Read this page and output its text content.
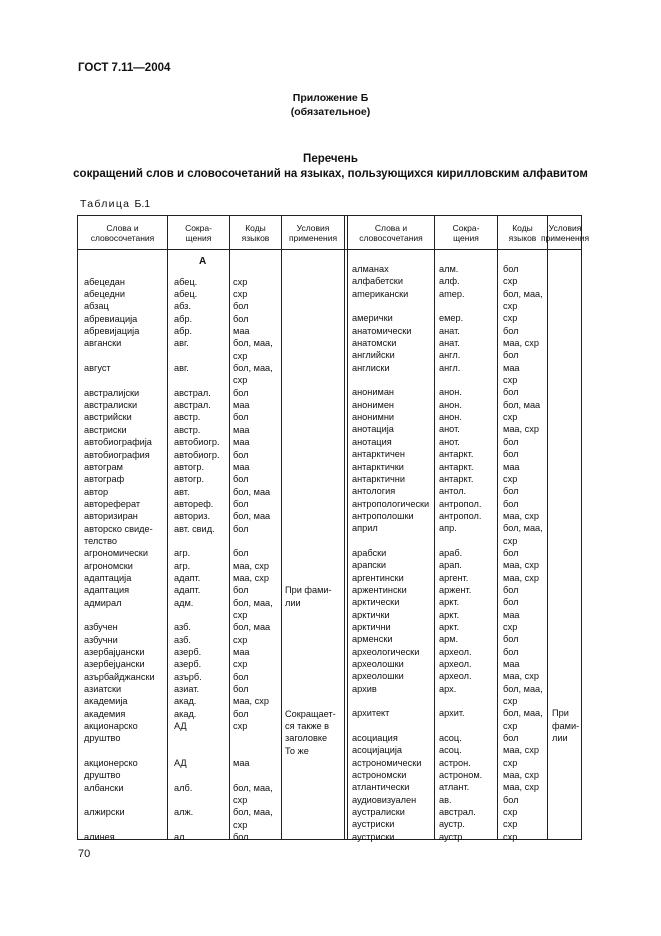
ГОСТ 7.11—2004
Приложение Б
(обязательное)
Перечень
сокращений слов и словосочетаний на языках, пользующихся кирилловским алфавитом
Таблица Б.1
Слова и
словосочетания
Сокра-
щения
Коды
языков
Условия
применения
Слова и
словосочетания
Сокра-
щения
Коды
языков
Условия
применения
А

абецедан
абецедни
абзац
абревиација
абревијација
aвгaнски

aвгуст

австралијски
австралиски
австрийски
австриски
автобиографија
автобиография
автограм
автограф
автор
автореферат
авторизиран
авторско свиде-
телство
агрономически
агрономски
адаптација
адаптация
адмирал

азбучен
азбучни
азербајџански
азербејџански
азърбайджански
азиатски
академија
академия
акционарско
друштво

акционерско
друштво
албански

алжирски

алинея

абец.
абец.
абз.
абр.
абр.
авг.

авг.

австрал.
австрал.
австр.
австр.
автобиогр.
автобиогр.
автогр.
автогр.
авт.
автореф.
авториз.
авт. свид.

агр.
агр.
адапт.
адапт.
адм.

азб.
азб.
азерб.
азерб.
азърб.
азиат.
акад.
акад.
АД

АД

алб.

алж.

ал.

схр
схр
бол
бол
маа
бол, маа,
схр
бол, маа,
схр
бол
маа
бол
маа
маа
бол
маа
бол
бол, маа
бол
бол, маа
бол

бол
маа, схр
маа, схр
бол
бол, маа,
схр
бол, маа
схр
маа
схр
бол
бол
маа, схр
бол
схр

маа

бол, маа,
схр
бол, маа,
схр
бол

При фами-
лии

Сокращает-
ся также в
заголовке
То же
алманах
алфабетски
amерикански

амерички
анатомически
анатомски
английски
англиски

анониман
анонимен
анонимни
анотација
анотация
антарктичен
антарктички
антарктични
антология
антропологически
антрополошки
април

арабски
арапски
аргентински
аржентински
арктически
арктички
арктични
арменски
археологически
археолошки
археолошки
архив

архитект

асоциация
асоцијација
астрономически
астрономски
атлантически
аудиовизуален
aустралиски
aустриски
aустриски
алм.
алф.
amер.

емер.
анат.
анат.
англ.
англ.

анон.
анон.
анон.
анот.
анот.
антаркт.
антаркт.
антаркт.
антол.
антропол.
антропол.
апр.

араб.
арап.
аргент.
аржент.
аркт.
аркт.
аркт.
арм.
археол.
археол.
археол.
арх.

архит.

асоц.
асоц.
астрон.
астроном.
атлант.
ав.
aвстрал.
аустр.
аустр.
бол
схр
бол, маа,
схр
схр
бол
маа, схр
бол
маа
схр
бол
бол, маа
схр
маа, схр
бол
бол
маа
схр
бол
бол
маа, схр
бол, маа,
схр
бол
маа, схр
маа, схр
бол
бол
маа
схр
бол
бол
маа
маа, схр
бол, маа,
схр
бол, маа,
схр
бол
маа, схр
схр
маа, схр
маа, схр
бол
схр
схр
схр

При фами-
лии
70
